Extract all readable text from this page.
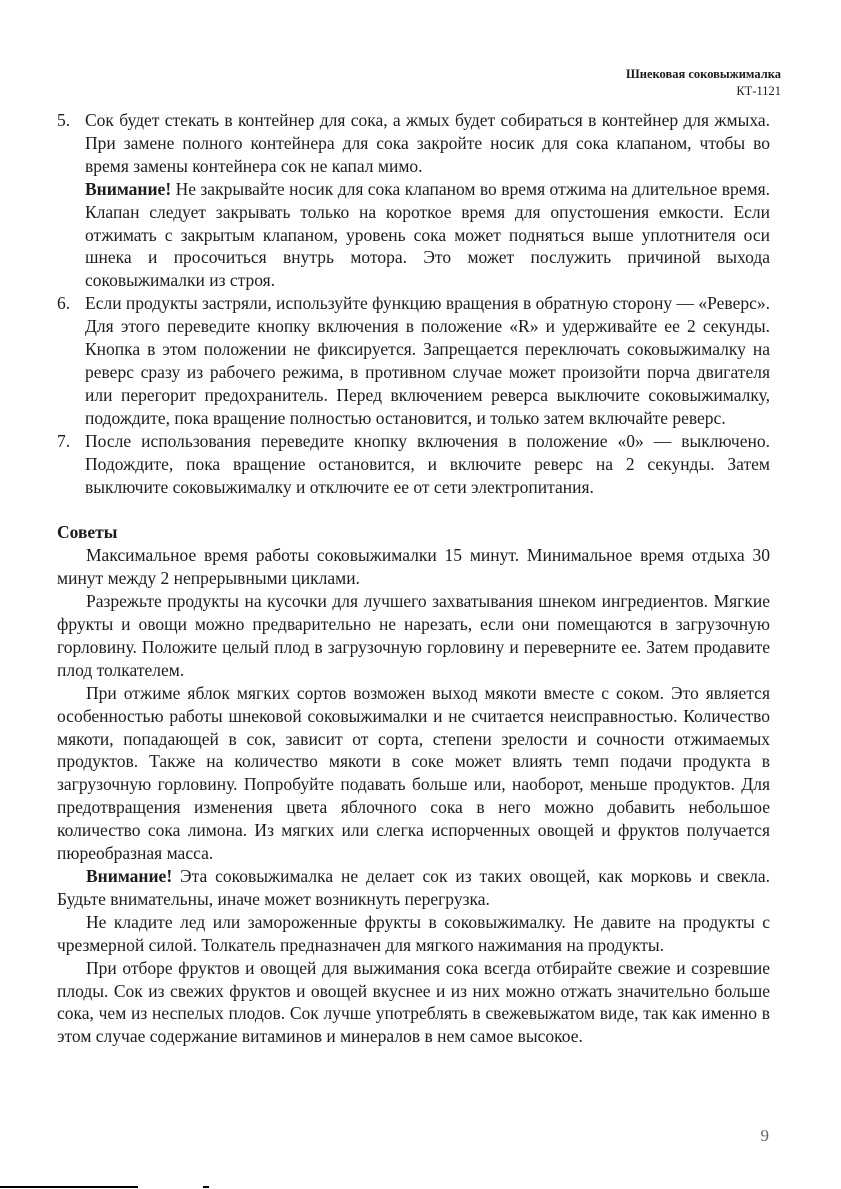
Шнековая соковыжималка
КТ-1121
5. Сок будет стекать в контейнер для сока, а жмых будет собираться в контейнер для жмыха. При замене полного контейнера для сока закройте носик для сока клапаном, чтобы во время замены контейнера сок не капал мимо.

Внимание! Не закрывайте носик для сока клапаном во время отжима на длительное время. Клапан следует закрывать только на короткое время для опустошения емкости. Если отжимать с закрытым клапаном, уровень сока может подняться выше уплотнителя оси шнека и просочиться внутрь мотора. Это может послужить причиной выхода соковыжималки из строя.

6. Если продукты застряли, используйте функцию вращения в обратную сторону — «Реверс». Для этого переведите кнопку включения в положение «R» и удерживайте ее 2 секунды. Кнопка в этом положении не фиксируется. Запрещается переключать соковыжималку на реверс сразу из рабочего режима, в противном случае может произойти порча двигателя или перегорит предохранитель. Перед включением реверса выключите соковыжималку, подождите, пока вращение полностью остановится, и только затем включайте реверс.

7. После использования переведите кнопку включения в положение «0» — выключено. Подождите, пока вращение остановится, и включите реверс на 2 секунды. Затем выключите соковыжималку и отключите ее от сети электропитания.

Советы

Максимальное время работы соковыжималки 15 минут. Минимальное время отдыха 30 минут между 2 непрерывными циклами.

Разрежьте продукты на кусочки для лучшего захватывания шнеком ингредиентов. Мягкие фрукты и овощи можно предварительно не нарезать, если они помещаются в загрузочную горловину. Положите целый плод в загрузочную горловину и переверните ее. Затем продавите плод толкателем.

При отжиме яблок мягких сортов возможен выход мякоти вместе с соком. Это является особенностью работы шнековой соковыжималки и не считается неисправностью. Количество мякоти, попадающей в сок, зависит от сорта, степени зрелости и сочности отжимаемых продуктов. Также на количество мякоти в соке может влиять темп подачи продукта в загрузочную горловину. Попробуйте подавать больше или, наоборот, меньше продуктов. Для предотвращения изменения цвета яблочного сока в него можно добавить небольшое количество сока лимона. Из мягких или слегка испорченных овощей и фруктов получается пюреобразная масса.

Внимание! Эта соковыжималка не делает сок из таких овощей, как морковь и свекла. Будьте внимательны, иначе может возникнуть перегрузка.

Не кладите лед или замороженные фрукты в соковыжималку. Не давите на продукты с чрезмерной силой. Толкатель предназначен для мягкого нажимания на продукты.

При отборе фруктов и овощей для выжимания сока всегда отбирайте свежие и созревшие плоды. Сок из свежих фруктов и овощей вкуснее и из них можно отжать значительно больше сока, чем из неспелых плодов. Сок лучше употреблять в свежевыжатом виде, так как именно в этом случае содержание витаминов и минералов в нем самое высокое.

9
